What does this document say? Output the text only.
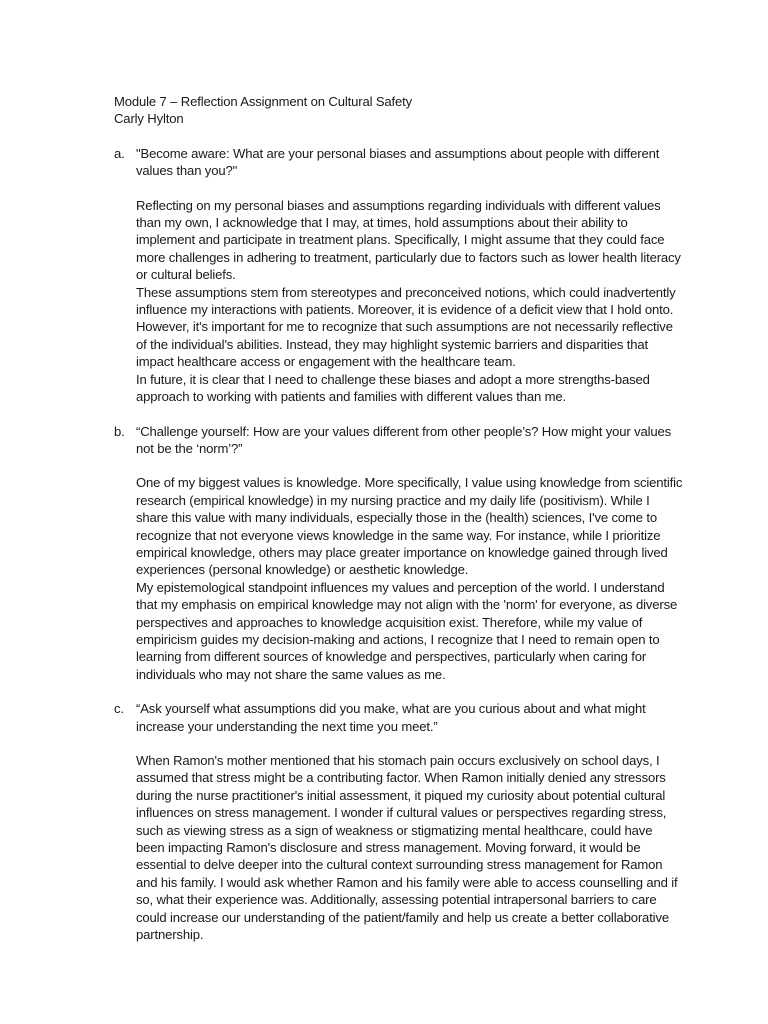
Module 7 – Reflection Assignment on Cultural Safety

Carly Hylton

a. "Become aware: What are your personal biases and assumptions about people with different values than you?"

Reflecting on my personal biases and assumptions regarding individuals with different values than my own, I acknowledge that I may, at times, hold assumptions about their ability to implement and participate in treatment plans. Specifically, I might assume that they could face more challenges in adhering to treatment, particularly due to factors such as lower health literacy or cultural beliefs.

These assumptions stem from stereotypes and preconceived notions, which could inadvertently influence my interactions with patients. Moreover, it is evidence of a deficit view that I hold onto. However, it's important for me to recognize that such assumptions are not necessarily reflective of the individual's abilities. Instead, they may highlight systemic barriers and disparities that impact healthcare access or engagement with the healthcare team.

In future, it is clear that I need to challenge these biases and adopt a more strengths-based approach to working with patients and families with different values than me.

b. “Challenge yourself: How are your values different from other people’s? How might your values not be the ‘norm’?”

One of my biggest values is knowledge. More specifically, I value using knowledge from scientific research (empirical knowledge) in my nursing practice and my daily life (positivism). While I share this value with many individuals, especially those in the (health) sciences, I've come to recognize that not everyone views knowledge in the same way. For instance, while I prioritize empirical knowledge, others may place greater importance on knowledge gained through lived experiences (personal knowledge) or aesthetic knowledge.

My epistemological standpoint influences my values and perception of the world. I understand that my emphasis on empirical knowledge may not align with the 'norm' for everyone, as diverse perspectives and approaches to knowledge acquisition exist. Therefore, while my value of empiricism guides my decision-making and actions, I recognize that I need to remain open to learning from different sources of knowledge and perspectives, particularly when caring for individuals who may not share the same values as me.

c. “Ask yourself what assumptions did you make, what are you curious about and what might increase your understanding the next time you meet.”

When Ramon's mother mentioned that his stomach pain occurs exclusively on school days, I assumed that stress might be a contributing factor. When Ramon initially denied any stressors during the nurse practitioner's initial assessment, it piqued my curiosity about potential cultural influences on stress management. I wonder if cultural values or perspectives regarding stress, such as viewing stress as a sign of weakness or stigmatizing mental healthcare, could have been impacting Ramon's disclosure and stress management. Moving forward, it would be essential to delve deeper into the cultural context surrounding stress management for Ramon and his family. I would ask whether Ramon and his family were able to access counselling and if so, what their experience was. Additionally, assessing potential intrapersonal barriers to care could increase our understanding of the patient/family and help us create a better collaborative partnership.
